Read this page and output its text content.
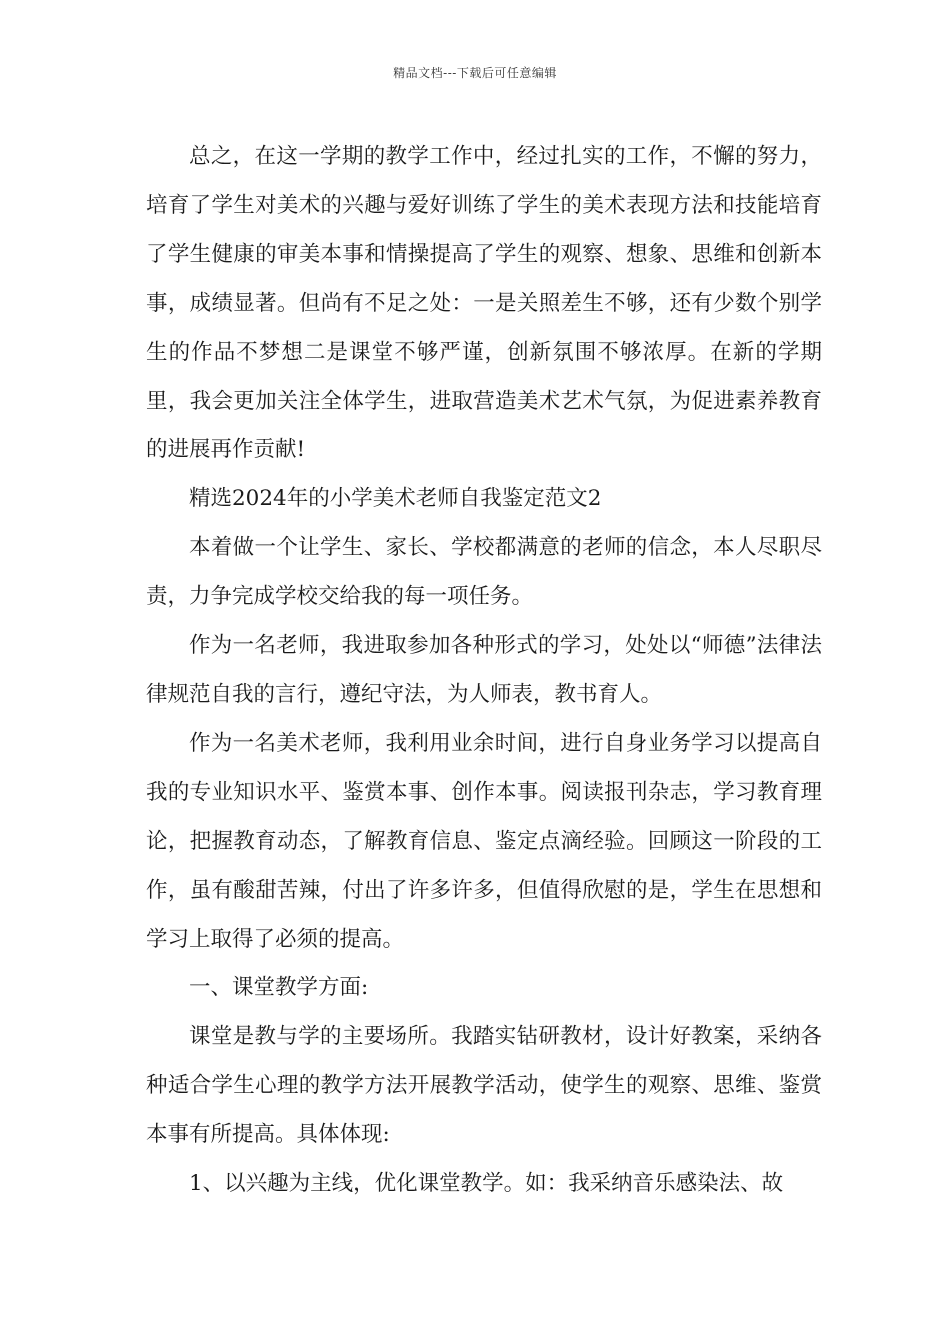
精品文档---下载后可任意编辑

总之，在这一学期的教学工作中，经过扎实的工作，不懈的努力，培育了学生对美术的兴趣与爱好训练了学生的美术表现方法和技能培育了学生健康的审美本事和情操提高了学生的观察、想象、思维和创新本事，成绩显著。但尚有不足之处：一是关照差生不够，还有少数个别学生的作品不梦想二是课堂不够严谨，创新氛围不够浓厚。在新的学期里，我会更加关注全体学生，进取营造美术艺术气氛，为促进素养教育的进展再作贡献!

精选2024年的小学美术老师自我鉴定范文2

本着做一个让学生、家长、学校都满意的老师的信念，本人尽职尽责，力争完成学校交给我的每一项任务。

作为一名老师，我进取参加各种形式的学习，处处以“师德”法律法律规范自我的言行，遵纪守法，为人师表，教书育人。

作为一名美术老师，我利用业余时间，进行自身业务学习以提高自我的专业知识水平、鉴赏本事、创作本事。阅读报刊杂志，学习教育理论，把握教育动态，了解教育信息、鉴定点滴经验。回顾这一阶段的工作，虽有酸甜苦辣，付出了许多许多，但值得欣慰的是，学生在思想和学习上取得了必须的提高。

一、课堂教学方面:

课堂是教与学的主要场所。我踏实钻研教材，设计好教案，采纳各种适合学生心理的教学方法开展教学活动，使学生的观察、思维、鉴赏本事有所提高。具体体现:

1、以兴趣为主线，优化课堂教学。如：我采纳音乐感染法、故
